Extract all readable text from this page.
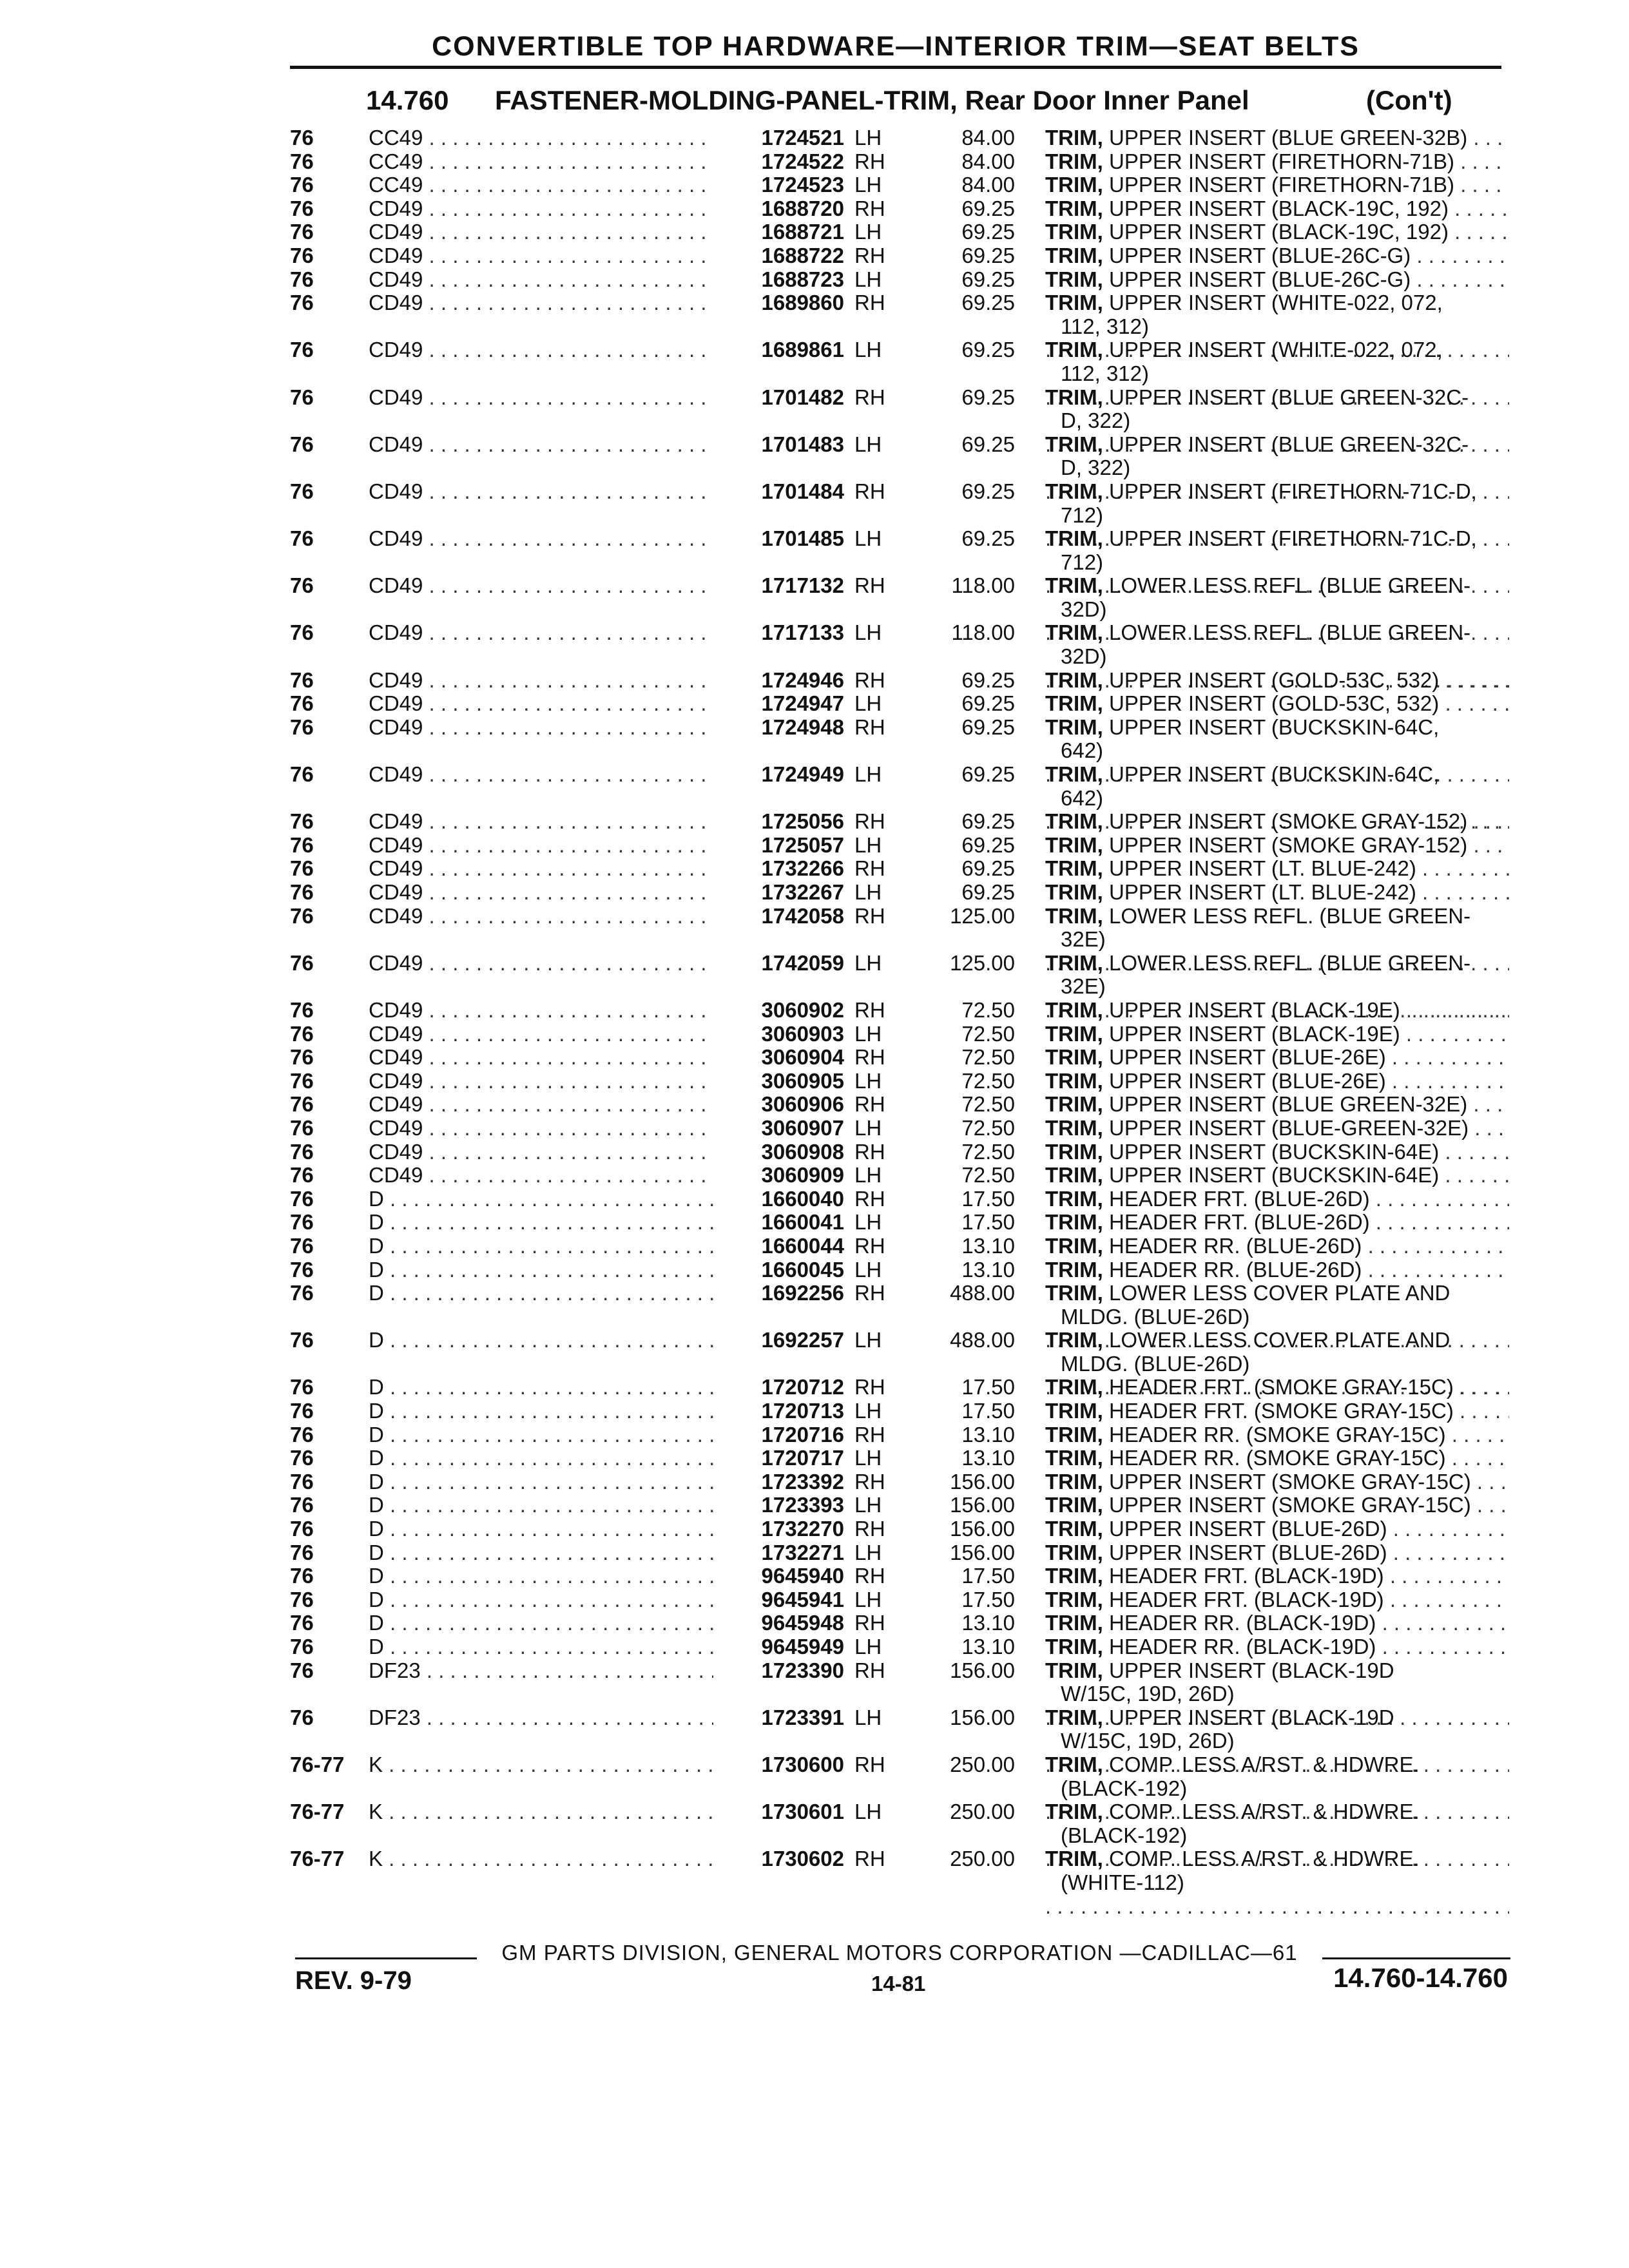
CONVERTIBLE TOP HARDWARE—INTERIOR TRIM—SEAT BELTS
14.760 FASTENER-MOLDING-PANEL-TRIM, Rear Door Inner Panel	(Con't)
76	CC49 . . .	1724521 LH	84.00 TRIM, UPPER INSERT (BLUE GREEN-32B) . . .
76	CC49 . . .	1724522 RH	84.00 TRIM, UPPER INSERT (FIRETHORN-71B) . . .
76	CC49 . . .	1724523 LH	84.00 TRIM, UPPER INSERT (FIRETHORN-71B) . . .
76	CD49 . . .	1688720 RH	69.25 TRIM, UPPER INSERT (BLACK-19C, 192) . . .
76	CD49 . . .	1688721 LH	69.25 TRIM, UPPER INSERT (BLACK-19C, 192) . . .
76	CD49 . . .	1688722 RH	69.25 TRIM, UPPER INSERT (BLUE-26C-G) . . .
76	CD49 . . .	1688723 LH	69.25 TRIM, UPPER INSERT (BLUE-26C-G) . . .
76	CD49 . . .	1689860 RH	69.25 TRIM, UPPER INSERT (WHITE-022, 072,
112, 312)
. . .
76	CD49 . . .	1689861 LH	69.25 TRIM, UPPER INSERT (WHITE-022, 072,
112, 312)
. . .
76	CD49 . . .	1701482 RH	69.25 TRIM, UPPER INSERT (BLUE GREEN-32C-
D, 322)
. . .
76	CD49 . . .	1701483 LH	69.25 TRIM, UPPER INSERT (BLUE GREEN-32C-
D, 322)
. . .
76	CD49 . . .	1701484 RH	69.25 TRIM, UPPER INSERT (FIRETHORN-71C-D,
712)
. . .
76	CD49 . . .	1701485 LH	69.25 TRIM, UPPER INSERT (FIRETHORN-71C-D,
712)
. . .
76	CD49 . . .	1717132 RH	118.00 TRIM, LOWER LESS REFL. (BLUE GREEN-
32D)
. . .
76	CD49 . . .	1717133 LH	118.00 TRIM, LOWER LESS REFL. (BLUE GREEN-
32D)
. . .
76	CD49 . . .	1724946 RH	69.25 TRIM, UPPER INSERT (GOLD-53C, 532) . . .
76	CD49 . . .	1724947 LH	69.25 TRIM, UPPER INSERT (GOLD-53C, 532) . . .
76	CD49 . . .	1724948 RH	69.25 TRIM, UPPER INSERT (BUCKSKIN-64C,
642)
. . .
76	CD49 . . .	1724949 LH	69.25 TRIM, UPPER INSERT (BUCKSKIN-64C,
642)
. . .
76	CD49 . . .	1725056 RH	69.25 TRIM, UPPER INSERT (SMOKE GRAY-152) . . .
76	CD49 . . .	1725057 LH	69.25 TRIM, UPPER INSERT (SMOKE GRAY-152) . . .
76	CD49 . . .	1732266 RH	69.25 TRIM, UPPER INSERT (LT. BLUE-242) . . .
76	CD49 . . .	1732267 LH	69.25 TRIM, UPPER INSERT (LT. BLUE-242) . . .
76	CD49 . . .	1742058 RH	125.00 TRIM, LOWER LESS REFL. (BLUE GREEN-
32E)
. . .
76	CD49 . . .	1742059 LH	125.00 TRIM, LOWER LESS REFL. (BLUE GREEN-
32E)
. . .
76	CD49 . . .	3060902 RH	72.50 TRIM, UPPER INSERT (BLACK-19E) . . .
76	CD49 . . .	3060903 LH	72.50 TRIM, UPPER INSERT (BLACK-19E) . . .
76	CD49 . . .	3060904 RH	72.50 TRIM, UPPER INSERT (BLUE-26E) . . .
76	CD49 . . .	3060905 LH	72.50 TRIM, UPPER INSERT (BLUE-26E) . . .
76	CD49 . . .	3060906 RH	72.50 TRIM, UPPER INSERT (BLUE GREEN-32E) . . .
76	CD49 . . .	3060907 LH	72.50 TRIM, UPPER INSERT (BLUE-GREEN-32E) . . .
76	CD49 . . .	3060908 RH	72.50 TRIM, UPPER INSERT (BUCKSKIN-64E) . . .
76	CD49 . . .	3060909 LH	72.50 TRIM, UPPER INSERT (BUCKSKIN-64E) . . .
76	D . . .	1660040 RH	17.50 TRIM, HEADER FRT. (BLUE-26D) . . .
76	D . . .	1660041 LH	17.50 TRIM, HEADER FRT. (BLUE-26D) . . .
76	D . . .	1660044 RH	13.10 TRIM, HEADER RR. (BLUE-26D) . . .
76	D . . .	1660045 LH	13.10 TRIM, HEADER RR. (BLUE-26D) . . .
76	D . . .	1692256 RH	488.00 TRIM, LOWER LESS COVER PLATE AND
MLDG. (BLUE-26D)
. . .
76	D . . .	1692257 LH	488.00 TRIM, LOWER LESS COVER PLATE AND
MLDG. (BLUE-26D)
. . .
76	D . . .	1720712 RH	17.50 TRIM, HEADER FRT. (SMOKE GRAY-15C) . . .
76	D . . .	1720713 LH	17.50 TRIM, HEADER FRT. (SMOKE GRAY-15C) . . .
76	D . . .	1720716 RH	13.10 TRIM, HEADER RR. (SMOKE GRAY-15C) . . .
76	D . . .	1720717 LH	13.10 TRIM, HEADER RR. (SMOKE GRAY-15C) . . .
76	D . . .	1723392 RH	156.00 TRIM, UPPER INSERT (SMOKE GRAY-15C) . . .
76	D . . .	1723393 LH	156.00 TRIM, UPPER INSERT (SMOKE GRAY-15C) . . .
76	D . . .	1732270 RH	156.00 TRIM, UPPER INSERT (BLUE-26D) . . .
76	D . . .	1732271 LH	156.00 TRIM, UPPER INSERT (BLUE-26D) . . .
76	D . . .	9645940 RH	17.50 TRIM, HEADER FRT. (BLACK-19D) . . .
76	D . . .	9645941 LH	17.50 TRIM, HEADER FRT. (BLACK-19D) . . .
76	D . . .	9645948 RH	13.10 TRIM, HEADER RR. (BLACK-19D) . . .
76	D . . .	9645949 LH	13.10 TRIM, HEADER RR. (BLACK-19D) . . .
76	DF23 . . .	1723390 RH	156.00 TRIM, UPPER INSERT (BLACK-19D
W/15C, 19D, 26D)
. . .
76	DF23 . . .	1723391 LH	156.00 TRIM, UPPER INSERT (BLACK-19D
W/15C, 19D, 26D)
. . .
76-77 K . . .	1730600 RH	250.00 TRIM, COMP. LESS A/RST. & HDWRE.
(BLACK-192)
. . .
76-77 K . . .	1730601 LH	250.00 TRIM, COMP. LESS A/RST. & HDWRE.
(BLACK-192)
. . .
76-77 K . . .	1730602 RH	250.00 TRIM, COMP. LESS A/RST. & HDWRE.
(WHITE-112)
. . .
GM PARTS DIVISION, GENERAL MOTORS CORPORATION —CADILLAC—61
REV. 9-79	14-81	14.760-14.760
